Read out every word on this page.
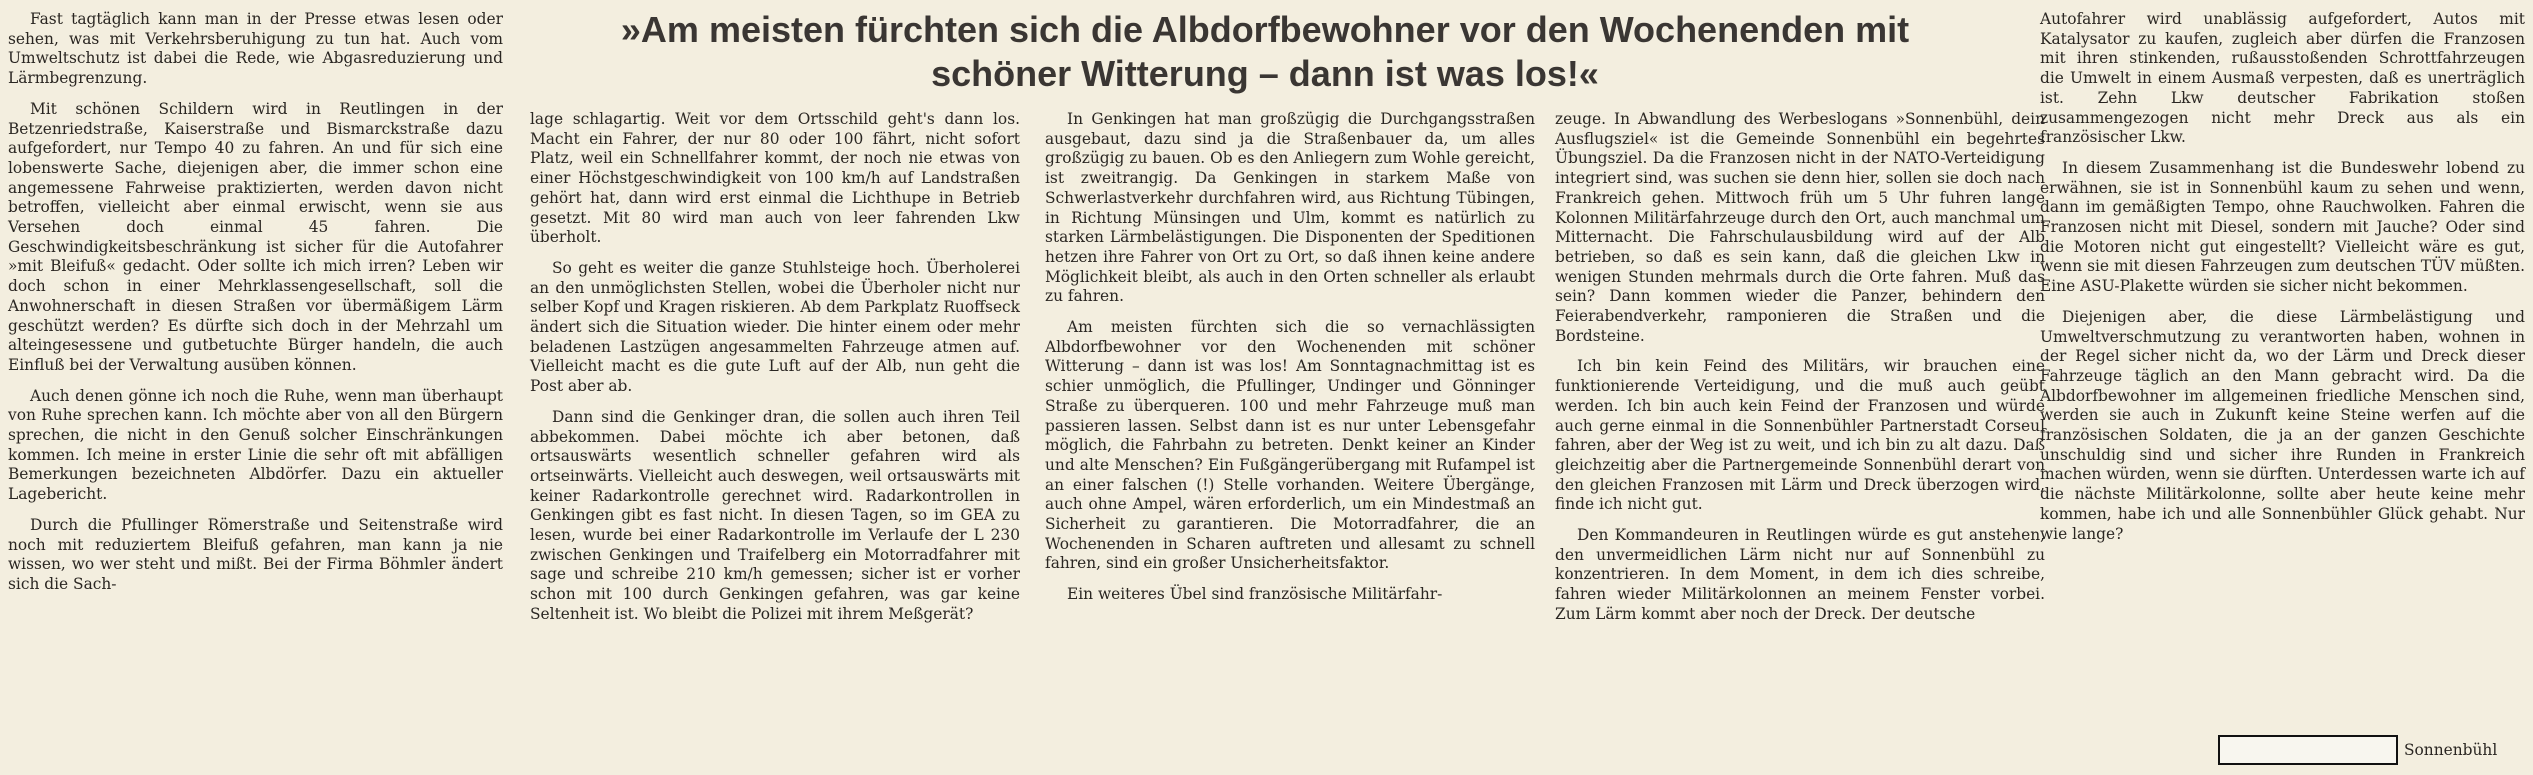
»Am meisten fürchten sich die Albdorfbewohner vor den Wochenenden mit schöner Witterung – dann ist was los!«

Fast tagtäglich kann man in der Presse etwas lesen oder sehen, was mit Verkehrsberuhigung zu tun hat. Auch vom Umweltschutz ist dabei die Rede, wie Abgasreduzierung und Lärmbegrenzung.

Mit schönen Schildern wird in Reutlingen in der Betzenriedstraße, Kaiserstraße und Bismarckstraße dazu aufgefordert, nur Tempo 40 zu fahren. An und für sich eine lobenswerte Sache, diejenigen aber, die immer schon eine angemessene Fahrweise praktizierten, werden davon nicht betroffen, vielleicht aber einmal erwischt, wenn sie aus Versehen doch einmal 45 fahren. Die Geschwindigkeitsbeschränkung ist sicher für die Autofahrer »mit Bleifuß« gedacht. Oder sollte ich mich irren? Leben wir doch schon in einer Mehrklassengesellschaft, soll die Anwohnerschaft in diesen Straßen vor übermäßigem Lärm geschützt werden? Es dürfte sich doch in der Mehrzahl um alteingesessene und gutbetuchte Bürger handeln, die auch Einfluß bei der Verwaltung ausüben können.

Auch denen gönne ich noch die Ruhe, wenn man überhaupt von Ruhe sprechen kann. Ich möchte aber von all den Bürgern sprechen, die nicht in den Genuß solcher Einschränkungen kommen. Ich meine in erster Linie die sehr oft mit abfälligen Bemerkungen bezeichneten Albdörfer. Dazu ein aktueller Lagebericht.

Durch die Pfullinger Römerstraße und Seitenstraße wird noch mit reduziertem Bleifuß gefahren, man kann ja nie wissen, wo wer steht und mißt. Bei der Firma Böhmler ändert sich die Sach-

lage schlagartig. Weit vor dem Ortsschild geht's dann los. Macht ein Fahrer, der nur 80 oder 100 fährt, nicht sofort Platz, weil ein Schnellfahrer kommt, der noch nie etwas von einer Höchstgeschwindigkeit von 100 km/h auf Landstraßen gehört hat, dann wird erst einmal die Lichthupe in Betrieb gesetzt. Mit 80 wird man auch von leer fahrenden Lkw überholt.

So geht es weiter die ganze Stuhlsteige hoch. Überholerei an den unmöglichsten Stellen, wobei die Überholer nicht nur selber Kopf und Kragen riskieren. Ab dem Parkplatz Ruoffseck ändert sich die Situation wieder. Die hinter einem oder mehr beladenen Lastzügen angesammelten Fahrzeuge atmen auf. Vielleicht macht es die gute Luft auf der Alb, nun geht die Post aber ab.

Dann sind die Genkinger dran, die sollen auch ihren Teil abbekommen. Dabei möchte ich aber betonen, daß ortsauswärts wesentlich schneller gefahren wird als ortseinwärts. Vielleicht auch deswegen, weil ortsauswärts mit keiner Radarkontrolle gerechnet wird. Radarkontrollen in Genkingen gibt es fast nicht. In diesen Tagen, so im GEA zu lesen, wurde bei einer Radarkontrolle im Verlaufe der L 230 zwischen Genkingen und Traifelberg ein Motorradfahrer mit sage und schreibe 210 km/h gemessen; sicher ist er vorher schon mit 100 durch Genkingen gefahren, was gar keine Seltenheit ist. Wo bleibt die Polizei mit ihrem Meßgerät?

In Genkingen hat man großzügig die Durchgangsstraßen ausgebaut, dazu sind ja die Straßenbauer da, um alles großzügig zu bauen. Ob es den Anliegern zum Wohle gereicht, ist zweitrangig. Da Genkingen in starkem Maße von Schwerlastverkehr durchfahren wird, aus Richtung Tübingen, in Richtung Münsingen und Ulm, kommt es natürlich zu starken Lärmbelästigungen. Die Disponenten der Speditionen hetzen ihre Fahrer von Ort zu Ort, so daß ihnen keine andere Möglichkeit bleibt, als auch in den Orten schneller als erlaubt zu fahren.

Am meisten fürchten sich die so vernachlässigten Albdorfbewohner vor den Wochenenden mit schöner Witterung – dann ist was los! Am Sonntagnachmittag ist es schier unmöglich, die Pfullinger, Undinger und Gönninger Straße zu überqueren. 100 und mehr Fahrzeuge muß man passieren lassen. Selbst dann ist es nur unter Lebensgefahr möglich, die Fahrbahn zu betreten. Denkt keiner an Kinder und alte Menschen? Ein Fußgängerübergang mit Rufampel ist an einer falschen (!) Stelle vorhanden. Weitere Übergänge, auch ohne Ampel, wären erforderlich, um ein Mindestmaß an Sicherheit zu garantieren. Die Motorradfahrer, die an Wochenenden in Scharen auftreten und allesamt zu schnell fahren, sind ein großer Unsicherheitsfaktor.

Ein weiteres Übel sind französische Militärfahr-

zeuge. In Abwandlung des Werbeslogans »Sonnenbühl, dein Ausflugsziel« ist die Gemeinde Sonnenbühl ein begehrtes Übungsziel. Da die Franzosen nicht in der NATO-Verteidigung integriert sind, was suchen sie denn hier, sollen sie doch nach Frankreich gehen. Mittwoch früh um 5 Uhr fuhren lange Kolonnen Militärfahrzeuge durch den Ort, auch manchmal um Mitternacht. Die Fahrschulausbildung wird auf der Alb betrieben, so daß es sein kann, daß die gleichen Lkw in wenigen Stunden mehrmals durch die Orte fahren. Muß das sein? Dann kommen wieder die Panzer, behindern den Feierabendverkehr, ramponieren die Straßen und die Bordsteine.

Ich bin kein Feind des Militärs, wir brauchen eine funktionierende Verteidigung, und die muß auch geübt werden. Ich bin auch kein Feind der Franzosen und würde auch gerne einmal in die Sonnenbühler Partnerstadt Corseul fahren, aber der Weg ist zu weit, und ich bin zu alt dazu. Daß gleichzeitig aber die Partnergemeinde Sonnenbühl derart von den gleichen Franzosen mit Lärm und Dreck überzogen wird, finde ich nicht gut.

Den Kommandeuren in Reutlingen würde es gut anstehen, den unvermeidlichen Lärm nicht nur auf Sonnenbühl zu konzentrieren. In dem Moment, in dem ich dies schreibe, fahren wieder Militärkolonnen an meinem Fenster vorbei. Zum Lärm kommt aber noch der Dreck. Der deutsche

Autofahrer wird unablässig aufgefordert, Autos mit Katalysator zu kaufen, zugleich aber dürfen die Franzosen mit ihren stinkenden, rußausstoßenden Schrottfahrzeugen die Umwelt in einem Ausmaß verpesten, daß es unerträglich ist. Zehn Lkw deutscher Fabrikation stoßen zusammengezogen nicht mehr Dreck aus als ein französischer Lkw.

In diesem Zusammenhang ist die Bundeswehr lobend zu erwähnen, sie ist in Sonnenbühl kaum zu sehen und wenn, dann im gemäßigten Tempo, ohne Rauchwolken. Fahren die Franzosen nicht mit Diesel, sondern mit Jauche? Oder sind die Motoren nicht gut eingestellt? Vielleicht wäre es gut, wenn sie mit diesen Fahrzeugen zum deutschen TÜV müßten. Eine ASU-Plakette würden sie sicher nicht bekommen.

Diejenigen aber, die diese Lärmbelästigung und Umweltverschmutzung zu verantworten haben, wohnen in der Regel sicher nicht da, wo der Lärm und Dreck dieser Fahrzeuge täglich an den Mann gebracht wird. Da die Albdorfbewohner im allgemeinen friedliche Menschen sind, werden sie auch in Zukunft keine Steine werfen auf die französischen Soldaten, die ja an der ganzen Geschichte unschuldig sind und sicher ihre Runden in Frankreich machen würden, wenn sie dürften. Unterdessen warte ich auf die nächste Militärkolonne, sollte aber heute keine mehr kommen, habe ich und alle Sonnenbühler Glück gehabt. Nur wie lange?

Sonnenbühl
